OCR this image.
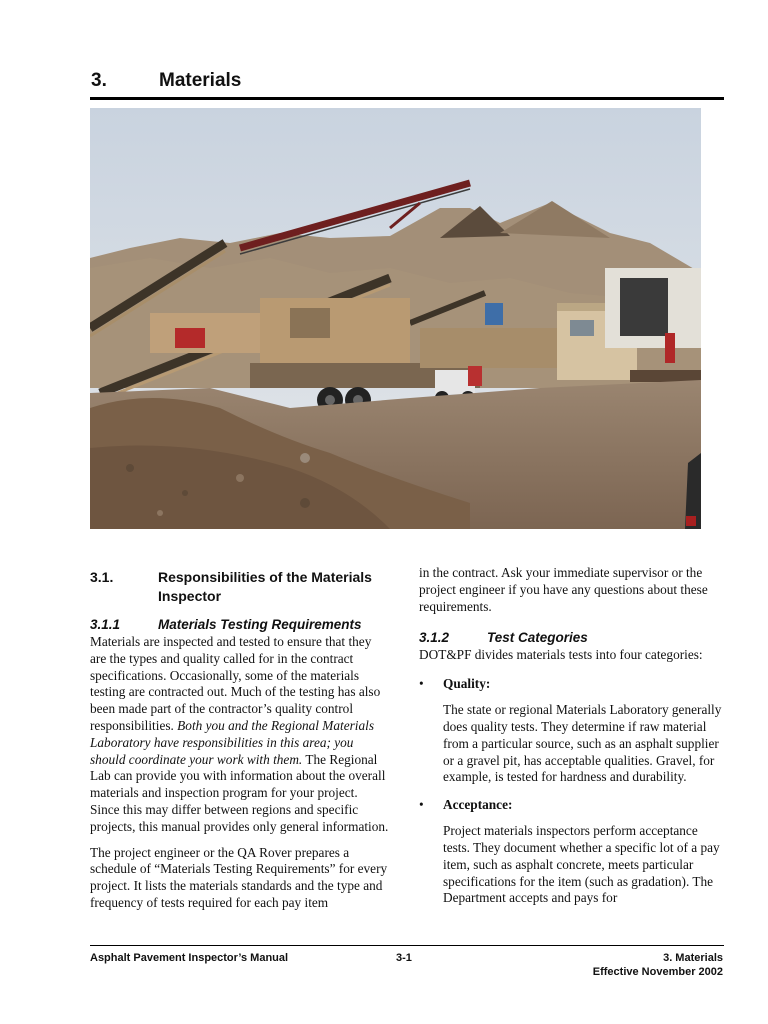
3.	Materials
3.1.	Responsibilities of the Materials
Inspector
3.1.1	Materials Testing Requirements

Materials are inspected and tested to ensure that they are the types and quality called for in the contract specifications. Occasionally, some of the materials testing are contracted out. Much of the testing has also been made part of the contractor’s quality control responsibilities. Both you and the Regional Materials Laboratory have responsibilities in this area; you should coordinate your work with them. The Regional Lab can provide you with information about the overall materials and inspection program for your project. Since this may differ between regions and specific projects, this manual provides only general information.

The project engineer or the QA Rover prepares a schedule of “Materials Testing Requirements” for every project. It lists the materials standards and the type and frequency of tests required for each pay item

in the contract. Ask your immediate supervisor or the project engineer if you have any questions about these requirements.

3.1.2	Test Categories

DOT&PF divides materials tests into four categories:

• Quality:

The state or regional Materials Laboratory generally does quality tests. They determine if raw material from a particular source, such as an asphalt supplier or a gravel pit, has acceptable qualities. Gravel, for example, is tested for hardness and durability.

• Acceptance:

Project materials inspectors perform acceptance tests. They document whether a specific lot of a pay item, such as asphalt concrete, meets particular specifications for the item (such as gradation). The Department accepts and pays for

Asphalt Pavement Inspector’s Manual	3-1	3. Materials
Effective November 2002
